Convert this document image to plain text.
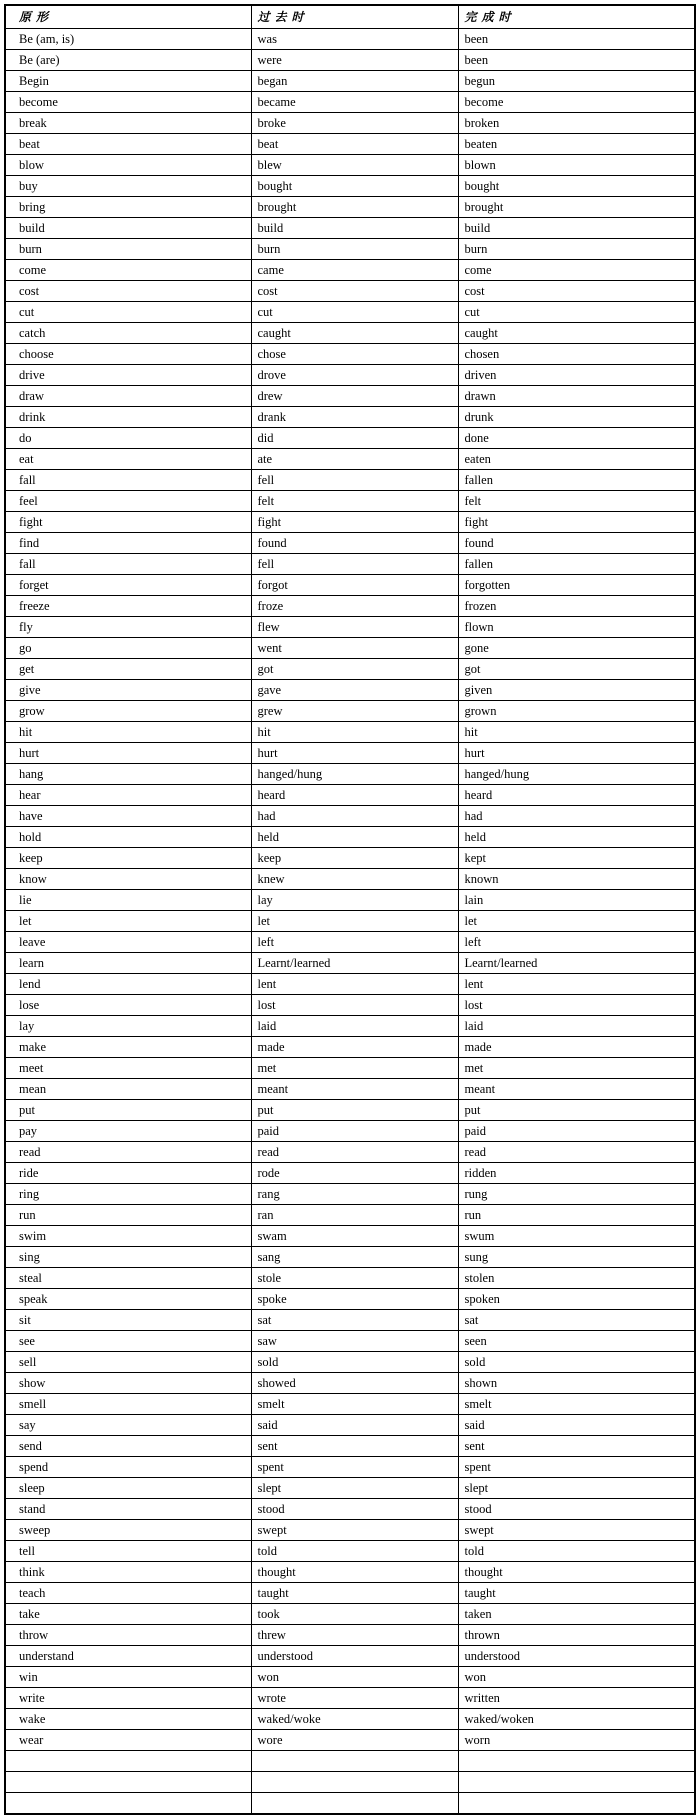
原形	过去时	完成时
Be (am, is)	was	been
Be (are)	were	been
Begin	began	begun
become	became	become
break	broke	broken
beat	beat	beaten
blow	blew	blown
buy	bought	bought
bring	brought	brought
build	build	build
burn	burn	burn
come	came	come
cost	cost	cost
cut	cut	cut
catch	caught	caught
choose	chose	chosen
drive	drove	driven
draw	drew	drawn
drink	drank	drunk
do	did	done
eat	ate	eaten
fall	fell	fallen
feel	felt	felt
fight	fight	fight
find	found	found
fall	fell	fallen
forget	forgot	forgotten
freeze	froze	frozen
fly	flew	flown
go	went	gone
get	got	got
give	gave	given
grow	grew	grown
hit	hit	hit
hurt	hurt	hurt
hang	hanged/hung	hanged/hung
hear	heard	heard
have	had	had
hold	held	held
keep	keep	kept
know	knew	known
lie	lay	lain
let	let	let
leave	left	left
learn	Learnt/learned	Learnt/learned
lend	lent	lent
lose	lost	lost
lay	laid	laid
make	made	made
meet	met	met
mean	meant	meant
put	put	put
pay	paid	paid
read	read	read
ride	rode	ridden
ring	rang	rung
run	ran	run
swim	swam	swum
sing	sang	sung
steal	stole	stolen
speak	spoke	spoken
sit	sat	sat
see	saw	seen
sell	sold	sold
show	showed	shown
smell	smelt	smelt
say	said	said
send	sent	sent
spend	spent	spent
sleep	slept	slept
stand	stood	stood
sweep	swept	swept
tell	told	told
think	thought	thought
teach	taught	taught
take	took	taken
throw	threw	thrown
understand	understood	understood
win	won	won
write	wrote	written
wake	waked/woke	waked/woken
wear	wore	worn
